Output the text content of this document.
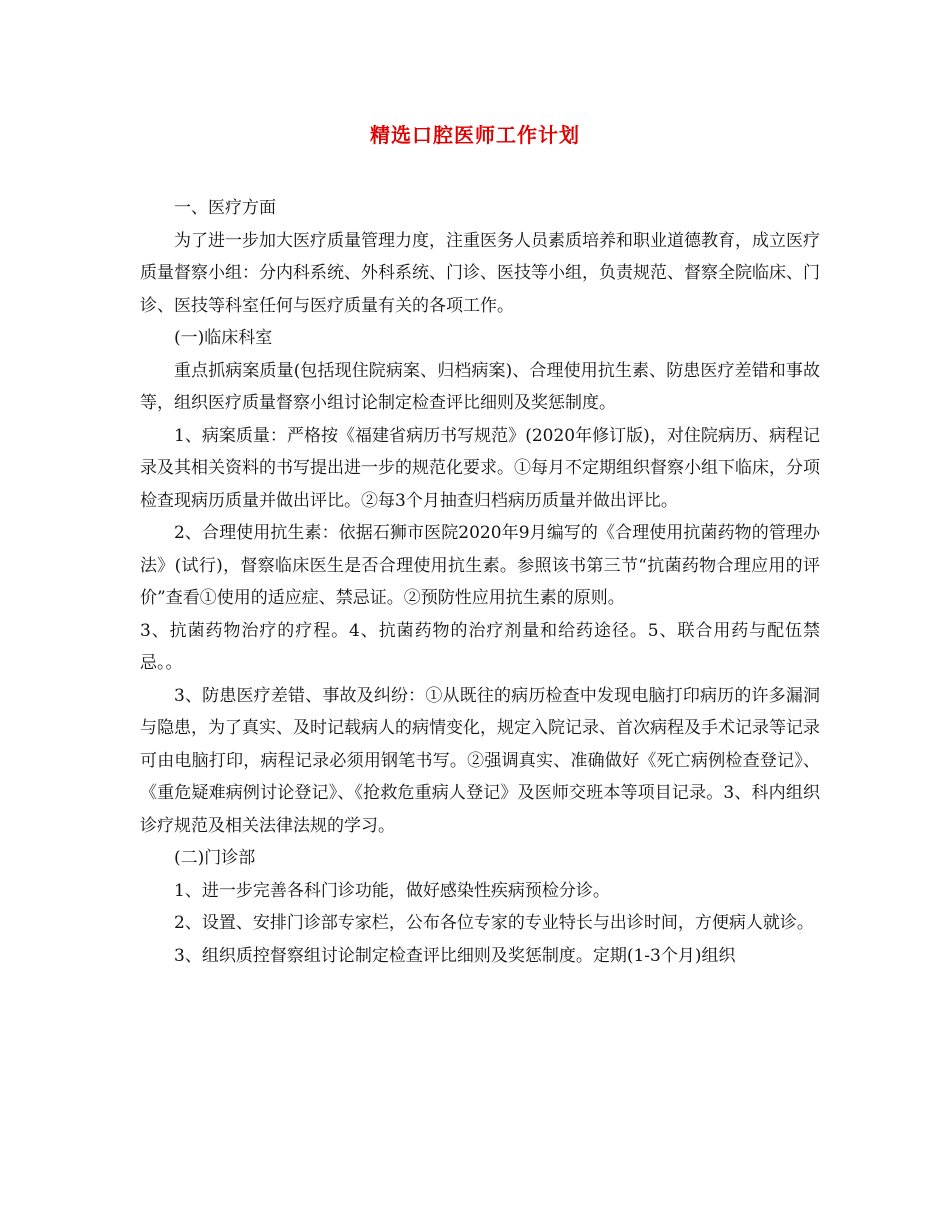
精选口腔医师工作计划

一、医疗方面

为了进一步加大医疗质量管理力度，注重医务人员素质培养和职业道德教育，成立医疗质量督察小组：分内科系统、外科系统、门诊、医技等小组，负责规范、督察全院临床、门诊、医技等科室任何与医疗质量有关的各项工作。

(一)临床科室

重点抓病案质量(包括现住院病案、归档病案)、合理使用抗生素、防患医疗差错和事故等，组织医疗质量督察小组讨论制定检查评比细则及奖惩制度。

1、病案质量：严格按《福建省病历书写规范》(2020年修订版)，对住院病历、病程记录及其相关资料的书写提出进一步的规范化要求。①每月不定期组织督察小组下临床，分项检查现病历质量并做出评比。②每3个月抽查归档病历质量并做出评比。

2、合理使用抗生素：依据石狮市医院2020年9月编写的《合理使用抗菌药物的管理办法》(试行)，督察临床医生是否合理使用抗生素。参照该书第三节“抗菌药物合理应用的评价”查看①使用的适应症、禁忌证。②预防性应用抗生素的原则。

3、抗菌药物治疗的疗程。4、抗菌药物的治疗剂量和给药途径。5、联合用药与配伍禁忌。。

3、防患医疗差错、事故及纠纷：①从既往的病历检查中发现电脑打印病历的许多漏洞与隐患，为了真实、及时记载病人的病情变化，规定入院记录、首次病程及手术记录等记录可由电脑打印，病程记录必须用钢笔书写。②强调真实、准确做好《死亡病例检查登记》、《重危疑难病例讨论登记》、《抢救危重病人登记》及医师交班本等项目记录。3、科内组织诊疗规范及相关法律法规的学习。

(二)门诊部

1、进一步完善各科门诊功能，做好感染性疾病预检分诊。

2、设置、安排门诊部专家栏，公布各位专家的专业特长与出诊时间，方便病人就诊。

3、组织质控督察组讨论制定检查评比细则及奖惩制度。定期(1-3个月)组织
